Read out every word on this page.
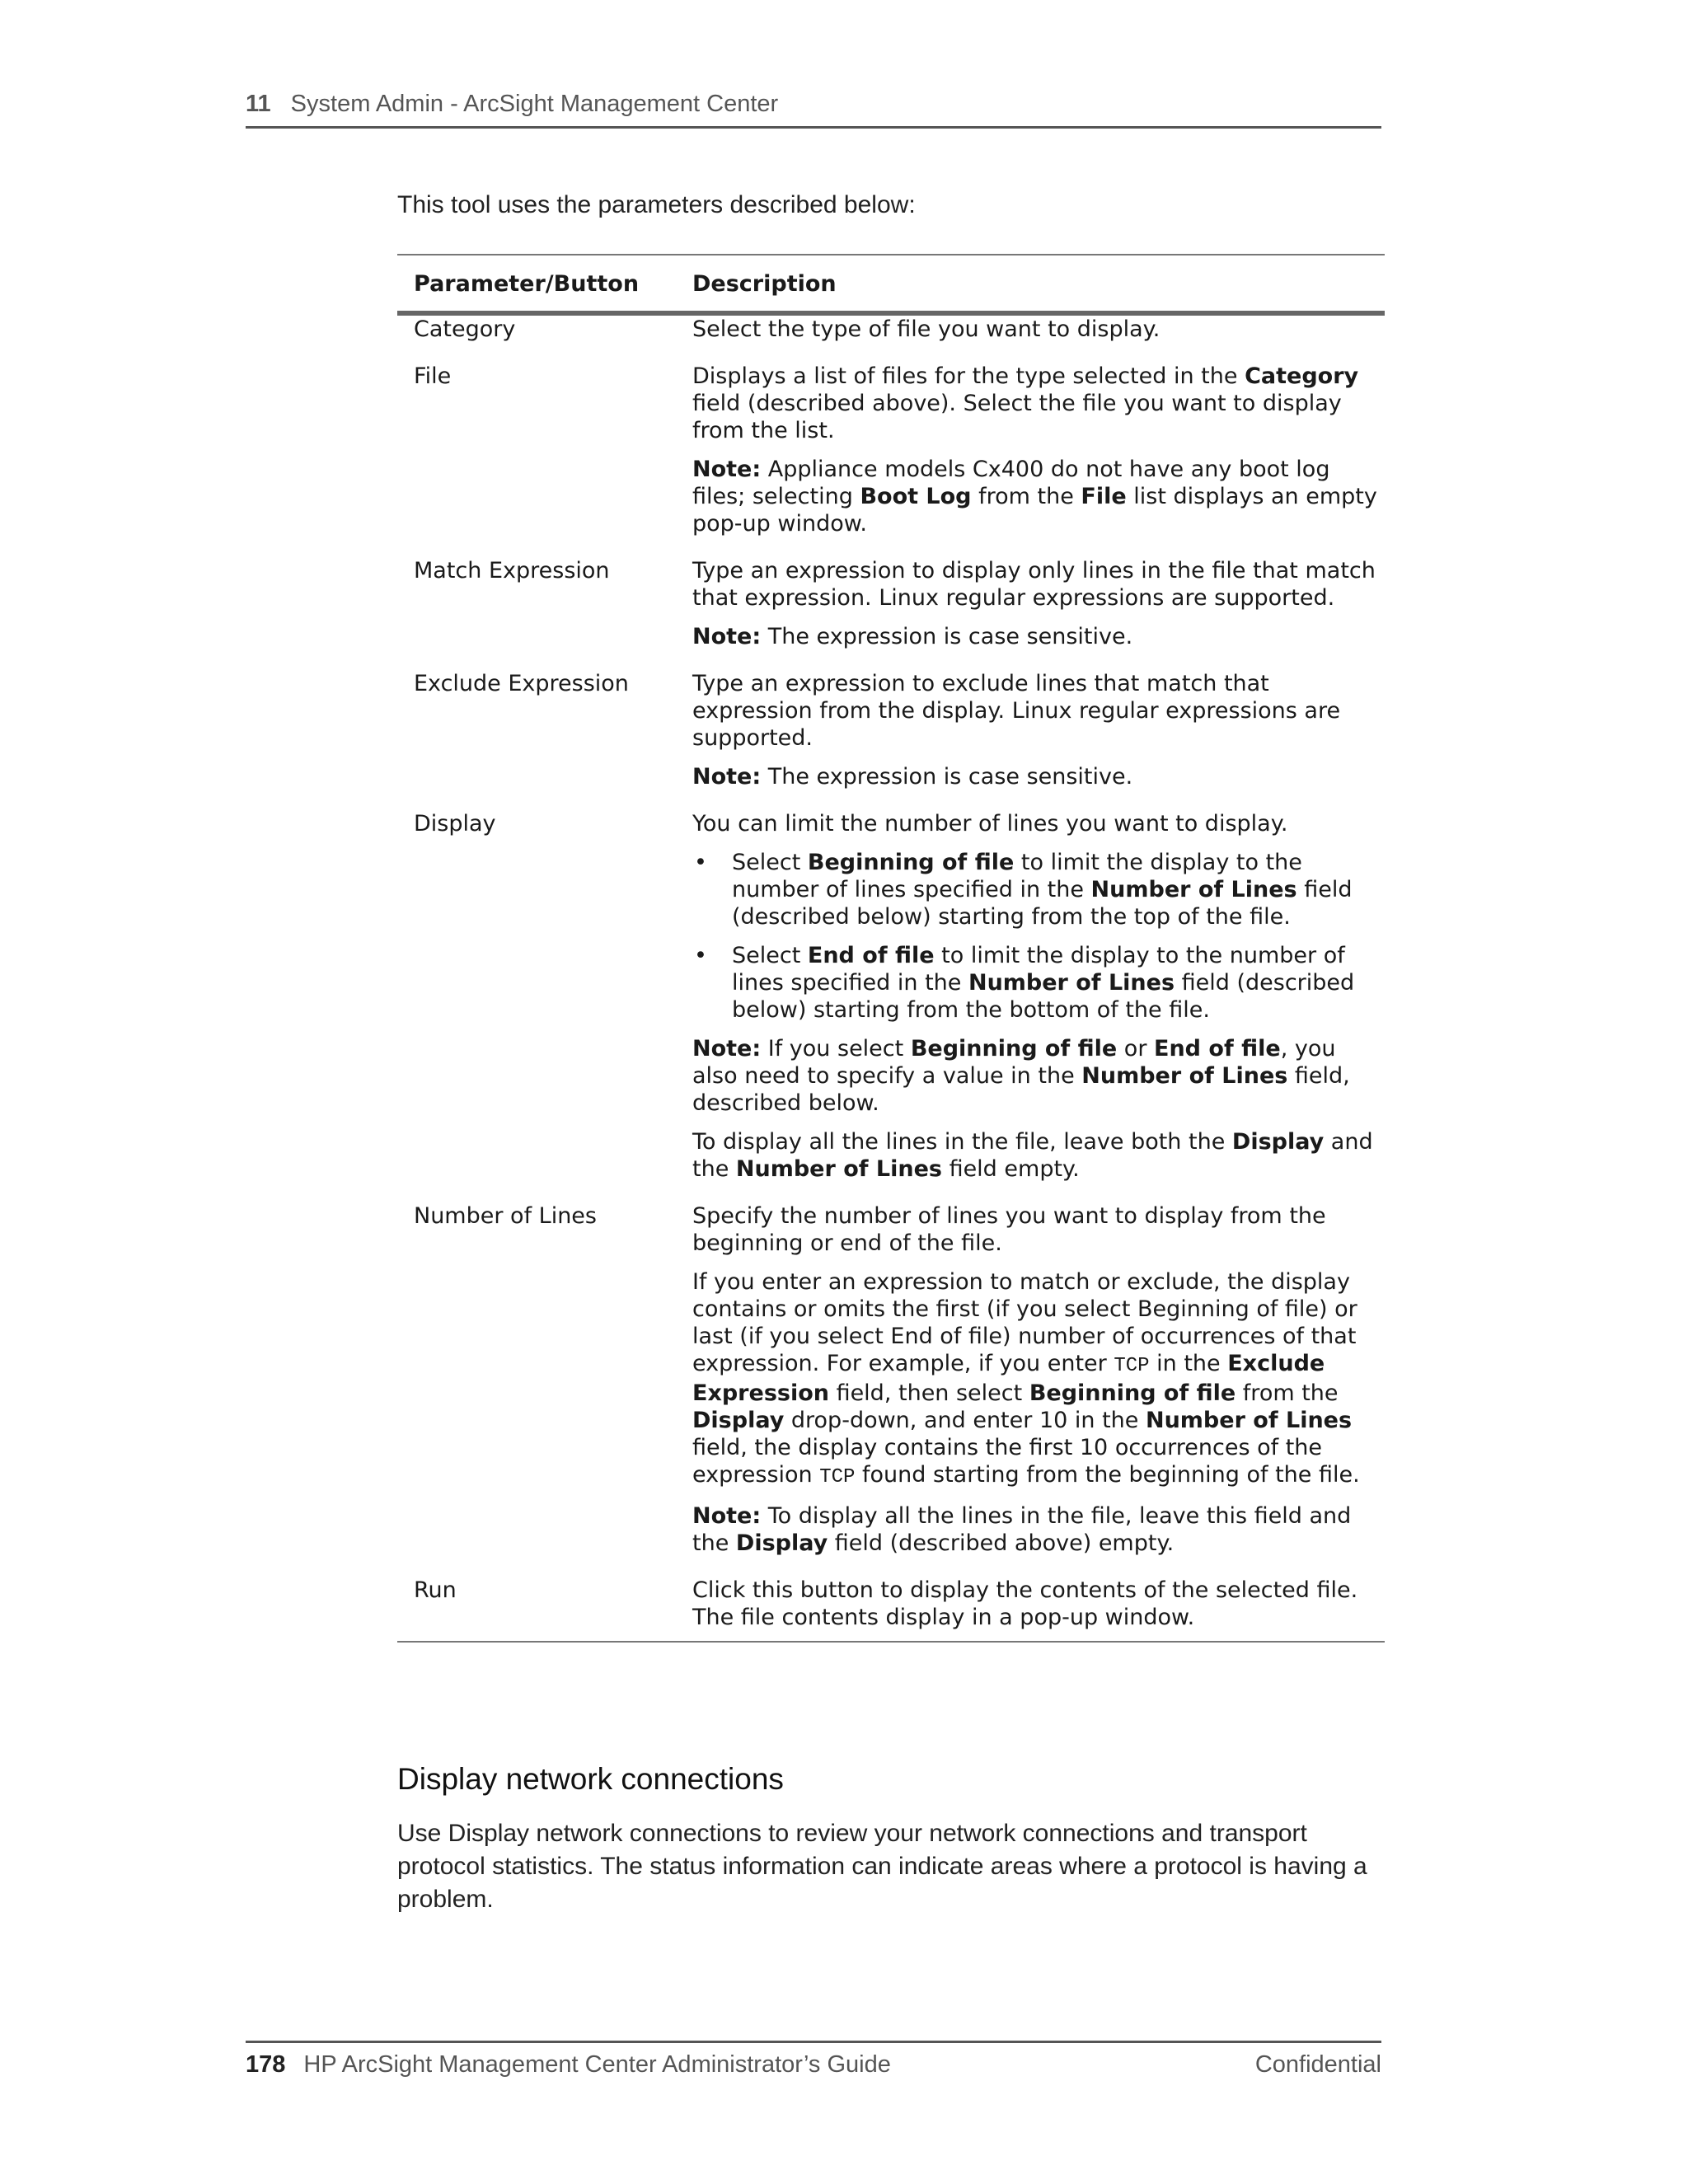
11 System Admin - ArcSight Management Center
This tool uses the parameters described below:
Parameter/Button	Description
Category	Select the type of file you want to display.
File	Displays a list of files for the type selected in the Category field (described above). Select the file you want to display from the list.
Note: Appliance models Cx400 do not have any boot log files; selecting Boot Log from the File list displays an empty pop-up window.
Match Expression	Type an expression to display only lines in the file that match that expression. Linux regular expressions are supported.
Note: The expression is case sensitive.
Exclude Expression	Type an expression to exclude lines that match that expression from the display. Linux regular expressions are supported.
Note: The expression is case sensitive.
Display	You can limit the number of lines you want to display.
• Select Beginning of file to limit the display to the number of lines specified in the Number of Lines field (described below) starting from the top of the file.
• Select End of file to limit the display to the number of lines specified in the Number of Lines field (described below) starting from the bottom of the file.
Note: If you select Beginning of file or End of file, you also need to specify a value in the Number of Lines field, described below.
To display all the lines in the file, leave both the Display and the Number of Lines field empty.
Number of Lines	Specify the number of lines you want to display from the beginning or end of the file.
If you enter an expression to match or exclude, the display contains or omits the first (if you select Beginning of file) or last (if you select End of file) number of occurrences of that expression. For example, if you enter TCP in the Exclude Expression field, then select Beginning of file from the Display drop-down, and enter 10 in the Number of Lines field, the display contains the first 10 occurrences of the expression TCP found starting from the beginning of the file.
Note: To display all the lines in the file, leave this field and the Display field (described above) empty.
Run	Click this button to display the contents of the selected file. The file contents display in a pop-up window.
Display network connections
Use Display network connections to review your network connections and transport protocol statistics. The status information can indicate areas where a protocol is having a problem.
178 HP ArcSight Management Center Administrator’s Guide	Confidential
